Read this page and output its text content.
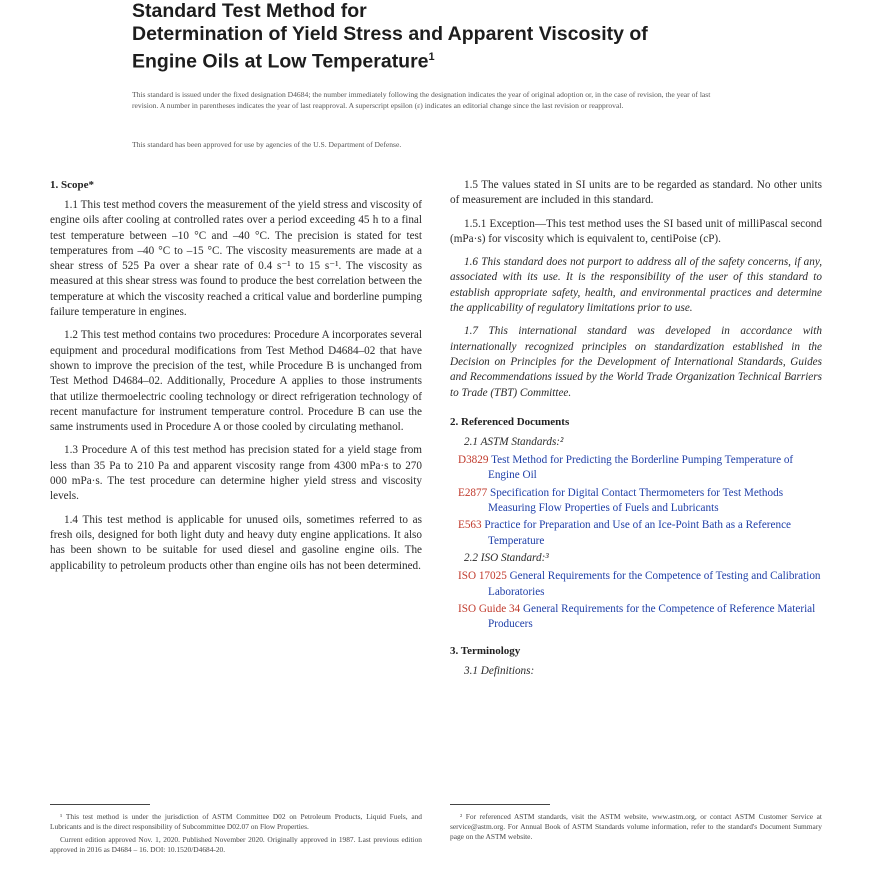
Standard Test Method for
Determination of Yield Stress and Apparent Viscosity of
Engine Oils at Low Temperature$^1$
This standard is issued under the fixed designation D4684; the number immediately following the designation indicates the year of original adoption or, in the case of revision, the year of last revision. A number in parentheses indicates the year of last reapproval. A superscript epsilon (ε) indicates an editorial change since the last revision or reapproval.
This standard has been approved for use by agencies of the U.S. Department of Defense.
1. Scope*

1.1 This test method covers the measurement of the yield stress and viscosity of engine oils after cooling at controlled rates over a period exceeding 45 h to a final test temperature between –10 °C and –40 °C. The precision is stated for test temperatures from –40 °C to –15 °C. The viscosity measurements are made at a shear stress of 525 Pa over a shear rate of 0.4 s⁻¹ to 15 s⁻¹. The viscosity as measured at this shear stress was found to produce the best correlation between the temperature at which the viscosity reached a critical value and borderline pumping failure temperature in engines.

1.2 This test method contains two procedures: Procedure A incorporates several equipment and procedural modifications from Test Method D4684–02 that have shown to improve the precision of the test, while Procedure B is unchanged from Test Method D4684–02. Additionally, Procedure A applies to those instruments that utilize thermoelectric cooling technology or direct refrigeration technology of recent manufacture for instrument temperature control. Procedure B can use the same instruments used in Procedure A or those cooled by circulating methanol.

1.3 Procedure A of this test method has precision stated for a yield stage from less than 35 Pa to 210 Pa and apparent viscosity range from 4300 mPa·s to 270 000 mPa·s. The test procedure can determine higher yield stress and viscosity levels.

1.4 This test method is applicable for unused oils, sometimes referred to as fresh oils, designed for both light duty and heavy duty engine applications. It also has been shown to be suitable for used diesel and gasoline engine oils. The applicability to petroleum products other than engine oils has not been determined.

1.5 The values stated in SI units are to be regarded as standard. No other units of measurement are included in this standard.

1.5.1 Exception—This test method uses the SI based unit of milliPascal second (mPa·s) for viscosity which is equivalent to, centiPoise (cP).

1.6 This standard does not purport to address all of the safety concerns, if any, associated with its use. It is the responsibility of the user of this standard to establish appropriate safety, health, and environmental practices and determine the applicability of regulatory limitations prior to use.

1.7 This international standard was developed in accordance with internationally recognized principles on standardization established in the Decision on Principles for the Development of International Standards, Guides and Recommendations issued by the World Trade Organization Technical Barriers to Trade (TBT) Committee.

2. Referenced Documents
2.1 ASTM Standards:²
D3829 Test Method for Predicting the Borderline Pumping Temperature of Engine Oil
E2877 Specification for Digital Contact Thermometers for Test Methods Measuring Flow Properties of Fuels and Lubricants
E563 Practice for Preparation and Use of an Ice-Point Bath as a Reference Temperature
2.2 ISO Standard:³
ISO 17025 General Requirements for the Competence of Testing and Calibration Laboratories
ISO Guide 34 General Requirements for the Competence of Reference Material Producers
3. Terminology
3.1 Definitions:

¹ This test method is under the jurisdiction of ASTM Committee D02 on Petroleum Products, Liquid Fuels, and Lubricants and is the direct responsibility of Subcommittee D02.07 on Flow Properties.

Current edition approved Nov. 1, 2020. Published November 2020. Originally approved in 1987. Last previous edition approved in 2016 as D4684 – 16. DOI: 10.1520/D4684-20.

² For referenced ASTM standards, visit the ASTM website, www.astm.org, or contact ASTM Customer Service at service@astm.org. For Annual Book of ASTM Standards volume information, refer to the standard's Document Summary page on the ASTM website.
